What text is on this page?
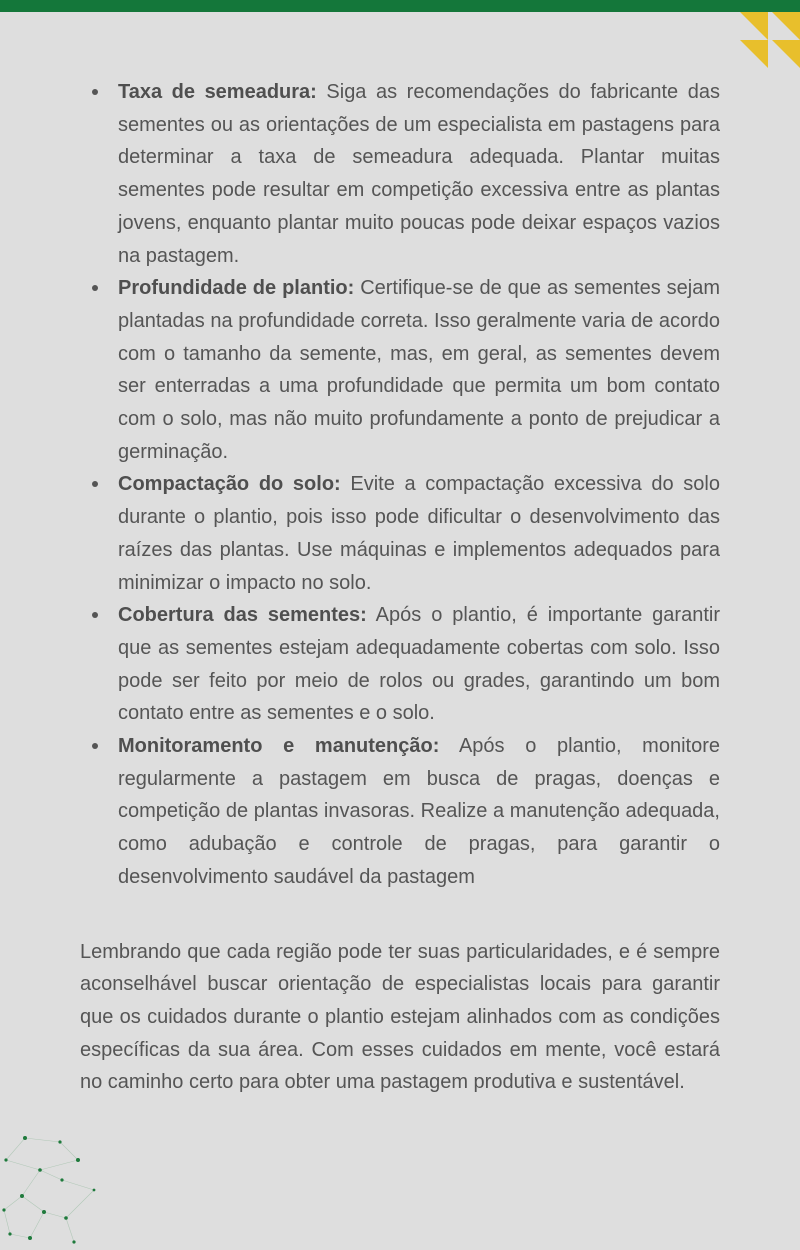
Taxa de semeadura: Siga as recomendações do fabricante das sementes ou as orientações de um especialista em pastagens para determinar a taxa de semeadura adequada. Plantar muitas sementes pode resultar em competição excessiva entre as plantas jovens, enquanto plantar muito poucas pode deixar espaços vazios na pastagem.
Profundidade de plantio: Certifique-se de que as sementes sejam plantadas na profundidade correta. Isso geralmente varia de acordo com o tamanho da semente, mas, em geral, as sementes devem ser enterradas a uma profundidade que permita um bom contato com o solo, mas não muito profundamente a ponto de prejudicar a germinação.
Compactação do solo: Evite a compactação excessiva do solo durante o plantio, pois isso pode dificultar o desenvolvimento das raízes das plantas. Use máquinas e implementos adequados para minimizar o impacto no solo.
Cobertura das sementes: Após o plantio, é importante garantir que as sementes estejam adequadamente cobertas com solo. Isso pode ser feito por meio de rolos ou grades, garantindo um bom contato entre as sementes e o solo.
Monitoramento e manutenção: Após o plantio, monitore regularmente a pastagem em busca de pragas, doenças e competição de plantas invasoras. Realize a manutenção adequada, como adubação e controle de pragas, para garantir o desenvolvimento saudável da pastagem

Lembrando que cada região pode ter suas particularidades, e é sempre aconselhável buscar orientação de especialistas locais para garantir que os cuidados durante o plantio estejam alinhados com as condições específicas da sua área. Com esses cuidados em mente, você estará no caminho certo para obter uma pastagem produtiva e sustentável.
